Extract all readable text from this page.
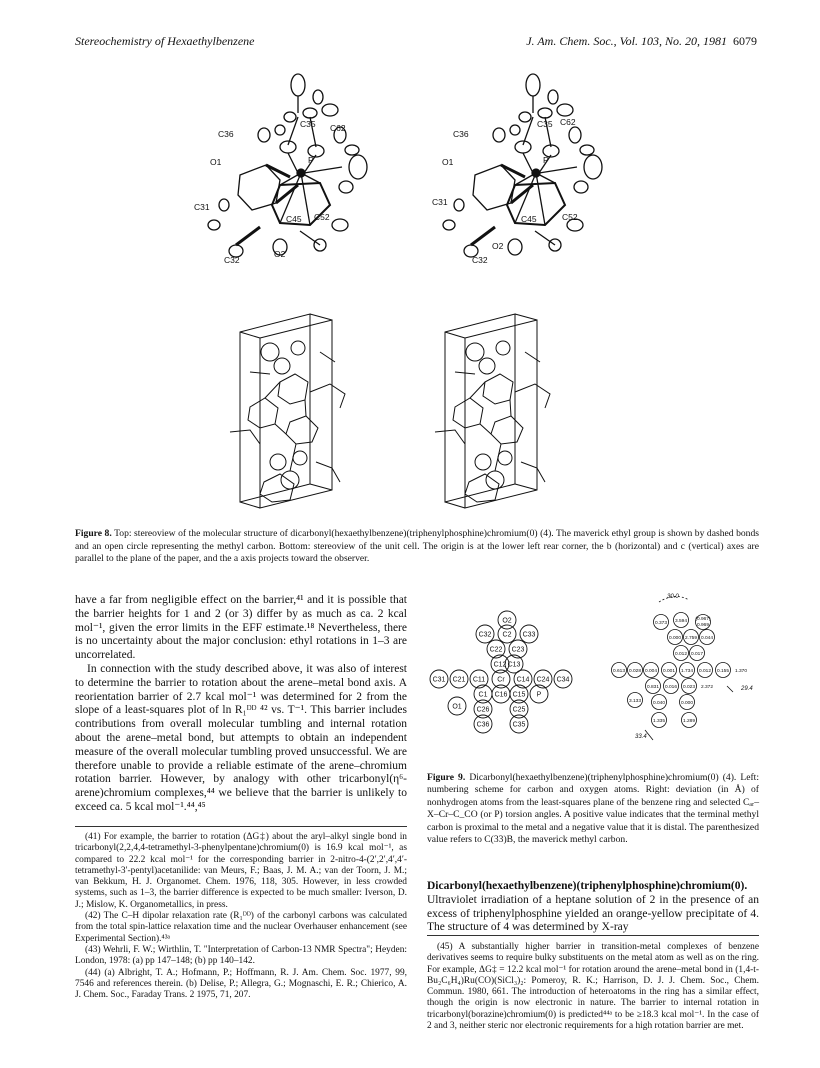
Stereochemistry of Hexaethylbenzene	J. Am. Chem. Soc., Vol. 103, No. 20, 1981 6079
C36
C35 C62
P
O1
C31
C45 C52
O2
C32
C36
C35 C62
P
O1
C31
C45	C52
O2
C32
Figure 8. Top: stereoview of the molecular structure of dicarbonyl(hexaethylbenzene)(triphenylphosphine)chromium(0) (4). The maverick ethyl group is shown by dashed bonds and an open circle representing the methyl carbon. Bottom: stereoview of the unit cell. The origin is at the lower left rear corner, the b (horizontal) and c (vertical) axes are parallel to the plane of the paper, and the a axis projects toward the observer.

have a far from negligible effect on the barrier,⁴¹ and it is possible that the barrier heights for 1 and 2 (or 3) differ by as much as ca. 2 kcal mol⁻¹, given the error limits in the EFF estimate.¹⁸ Nevertheless, there is no uncertainty about the major conclusion: ethyl rotations in 1–3 are uncorrelated.

In connection with the study described above, it was also of interest to determine the barrier to rotation about the arene–metal bond axis. A reorientation barrier of 2.7 kcal mol⁻¹ was determined for 2 from the slope of a least-squares plot of ln R₁ᴰᴰ ⁴² vs. T⁻¹. This barrier includes contributions from overall molecular tumbling and internal rotation about the arene–metal bond, but attempts to obtain an independent measure of the overall molecular tumbling proved unsuccessful. We are therefore unable to provide a reliable estimate of the arene–chromium rotation barrier. However, by analogy with other tricarbonyl(η⁶-arene)chromium complexes,⁴⁴ we believe that the barrier is unlikely to exceed ca. 5 kcal mol⁻¹.⁴⁴,⁴⁵

O2
C32 C2 C33
C22 C23
C12 C13
C31 C21 C11 Cr C14 C24 C34
C1 C16 C15 P
O1 C26	C25
C36	C35
0.373 3.594 (0.967)
0.969
0.000 2.759 0.044
0.012 0.017
0.613 0.028 0.004 0.001 1.734 0.012 0.155 1.370
0.831 0.016 0.023 2.372
3.133 0.040	0.000
1.335	1.289
30.0
29.4
33.4
Figure 9. Dicarbonyl(hexaethylbenzene)(triphenylphosphine)chromium(0) (4). Left: numbering scheme for carbon and oxygen atoms. Right: deviation (in Å) of nonhydrogen atoms from the least-squares plane of the benzene ring and selected Cₐᵣ–X–Cr–C_CO (or P) torsion angles. A positive value indicates that the terminal methyl carbon is proximal to the metal and a negative value that it is distal. The parenthesized value refers to C(33)B, the maverick methyl carbon.

Dicarbonyl(hexaethylbenzene)(triphenylphosphine)chromium(0). Ultraviolet irradiation of a heptane solution of 2 in the presence of an excess of triphenylphosphine yielded an orange-yellow precipitate of 4. The structure of 4 was determined by X-ray

(41) For example, the barrier to rotation (ΔG‡) about the aryl–alkyl single bond in tricarbonyl(2,2,4,4-tetramethyl-3-phenylpentane)chromium(0) is 16.9 kcal mol⁻¹, as compared to 22.2 kcal mol⁻¹ for the corresponding barrier in 2-nitro-4-(2′,2′,4′,4′-tetramethyl-3′-pentyl)acetanilide: van Meurs, F.; Baas, J. M. A.; van der Toorn, J. M.; van Bekkum, H. J. Organomet. Chem. 1976, 118, 305. However, in less crowded systems, such as 1–3, the barrier difference is expected to be much smaller: Iverson, D. J.; Mislow, K. Organometallics, in press.

(42) The C–H dipolar relaxation rate (R₁ᴰᴰ) of the carbonyl carbons was calculated from the total spin-lattice relaxation time and the nuclear Overhauser enhancement (see Experimental Section).⁴³ᵃ

(43) Wehrli, F. W.; Wirthlin, T. "Interpretation of Carbon-13 NMR Spectra"; Heyden: London, 1978: (a) pp 147–148; (b) pp 140–142.

(44) (a) Albright, T. A.; Hofmann, P.; Hoffmann, R. J. Am. Chem. Soc. 1977, 99, 7546 and references therein. (b) Delise, P.; Allegra, G.; Mognaschi, E. R.; Chierico, A. J. Chem. Soc., Faraday Trans. 2 1975, 71, 207.

(45) A substantially higher barrier in transition-metal complexes of benzene derivatives seems to require bulky substituents on the metal atom as well as on the ring. For example, ΔG‡ = 12.2 kcal mol⁻¹ for rotation around the arene–metal bond in (1,4-t-Bu₂C₆H₄)Ru(CO)(SiCl₃)₂: Pomeroy, R. K.; Harrison, D. J. J. Chem. Soc., Chem. Commun. 1980, 661. The introduction of heteroatoms in the ring has a similar effect, though the origin is now electronic in nature. The barrier to internal rotation in tricarbonyl(borazine)chromium(0) is predicted⁴⁴ᵃ to be ≥18.3 kcal mol⁻¹. In the case of 2 and 3, neither steric nor electronic requirements for a high rotation barrier are met.
